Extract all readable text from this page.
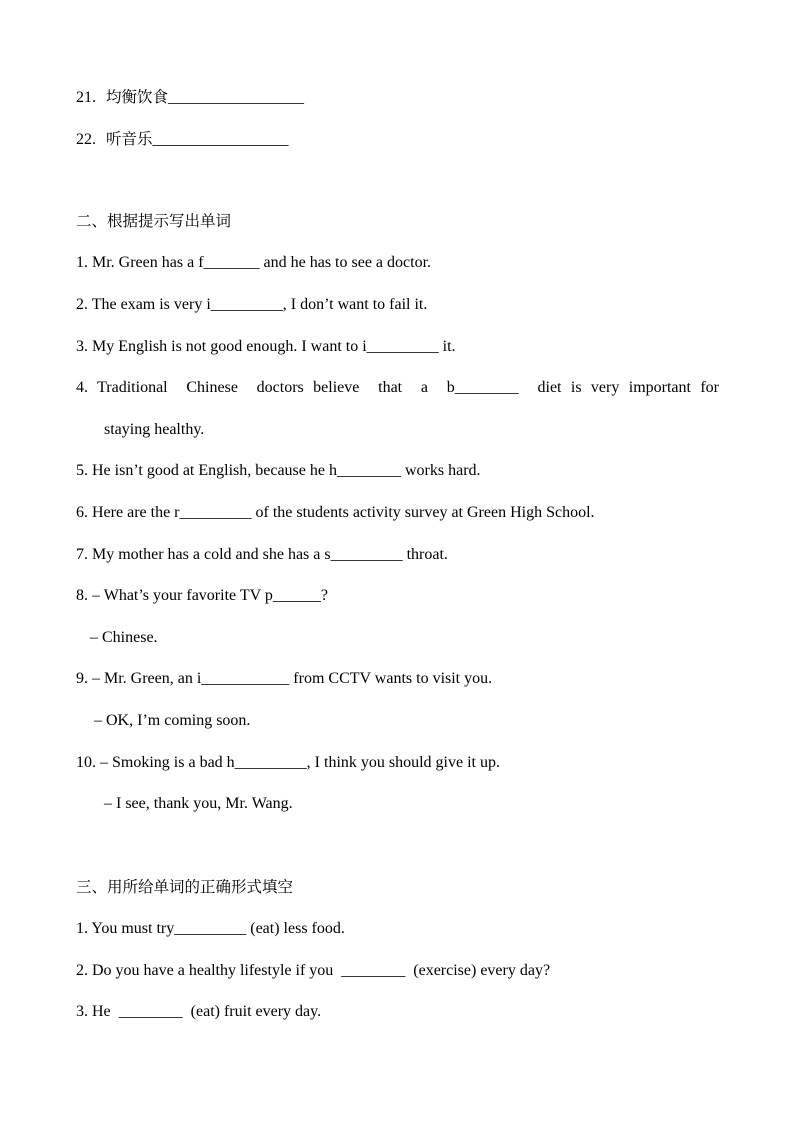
21. 均衡饮食_________________
22. 听音乐_________________
二、根据提示写出单词
1. Mr. Green has a f_______ and he has to see a doctor.
2. The exam is very i_________, I don’t want to fail it.
3. My English is not good enough. I want to i_________ it.
4. Traditional  Chinese  doctors believe  that  a  b________  diet is very important for
staying healthy.
5. He isn’t good at English, because he h________ works hard.
6. Here are the r_________ of the students activity survey at Green High School.
7. My mother has a cold and she has a s_________ throat.
8. – What’s your favorite TV p______?
– Chinese.
9. – Mr. Green, an i___________ from CCTV wants to visit you.
– OK, I’m coming soon.
10. – Smoking is a bad h_________, I think you should give it up.
– I see, thank you, Mr. Wang.
三、用所给单词的正确形式填空
1. You must try_________ (eat) less food.
2. Do you have a healthy lifestyle if you  ________  (exercise) every day?
3. He  ________  (eat) fruit every day.
